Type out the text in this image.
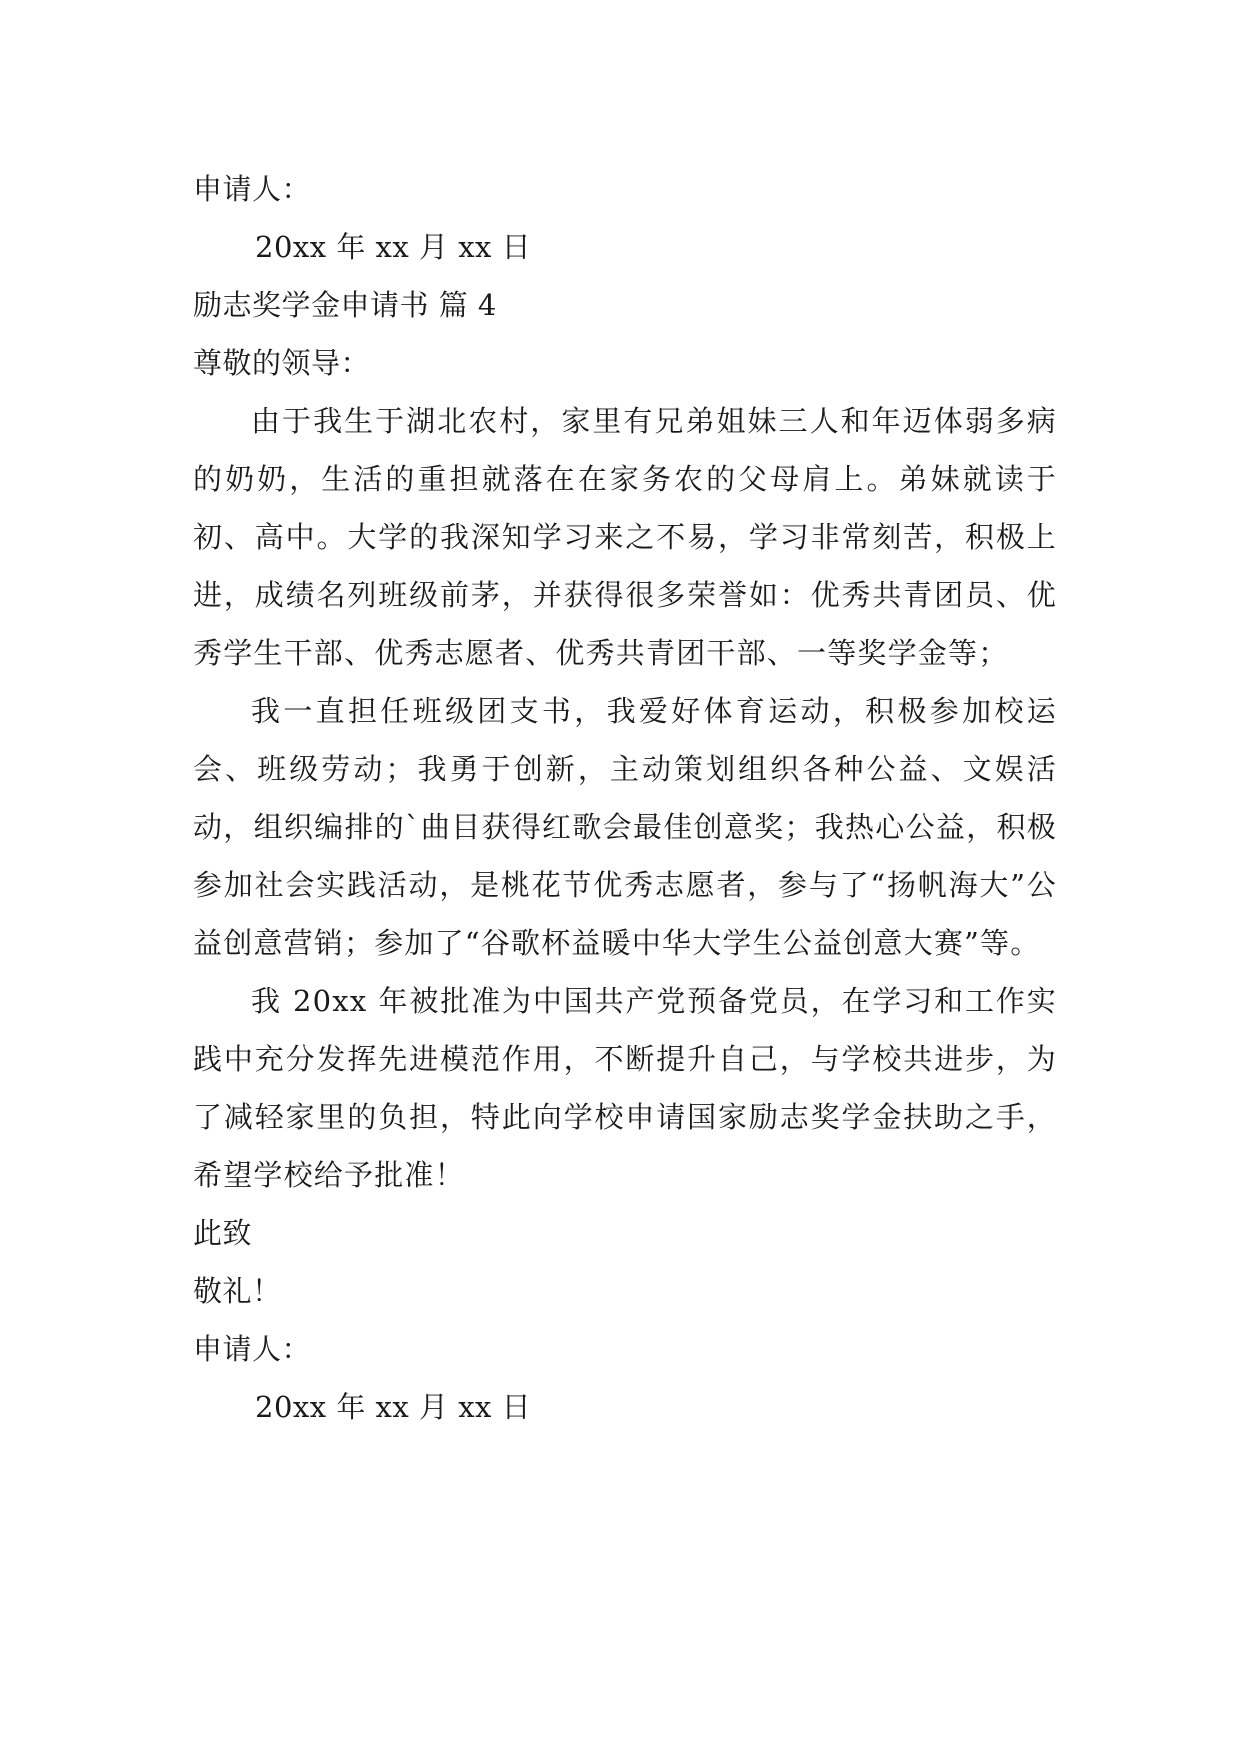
申请人：
20xx 年 xx 月 xx 日
励志奖学金申请书 篇 4
尊敬的领导：

由于我生于湖北农村，家里有兄弟姐妹三人和年迈体弱多病的奶奶，生活的重担就落在在家务农的父母肩上。弟妹就读于初、高中。大学的我深知学习来之不易，学习非常刻苦，积极上进，成绩名列班级前茅，并获得很多荣誉如：优秀共青团员、优秀学生干部、优秀志愿者、优秀共青团干部、一等奖学金等；

我一直担任班级团支书，我爱好体育运动，积极参加校运会、班级劳动；我勇于创新，主动策划组织各种公益、文娱活动，组织编排的`曲目获得红歌会最佳创意奖；我热心公益，积极参加社会实践活动，是桃花节优秀志愿者，参与了“扬帆海大”公益创意营销；参加了“谷歌杯益暖中华大学生公益创意大赛”等。

我 20xx 年被批准为中国共产党预备党员，在学习和工作实践中充分发挥先进模范作用，不断提升自己，与学校共进步，为了减轻家里的负担，特此向学校申请国家励志奖学金扶助之手，希望学校给予批准！

此致
敬礼！
申请人：
20xx 年 xx 月 xx 日
